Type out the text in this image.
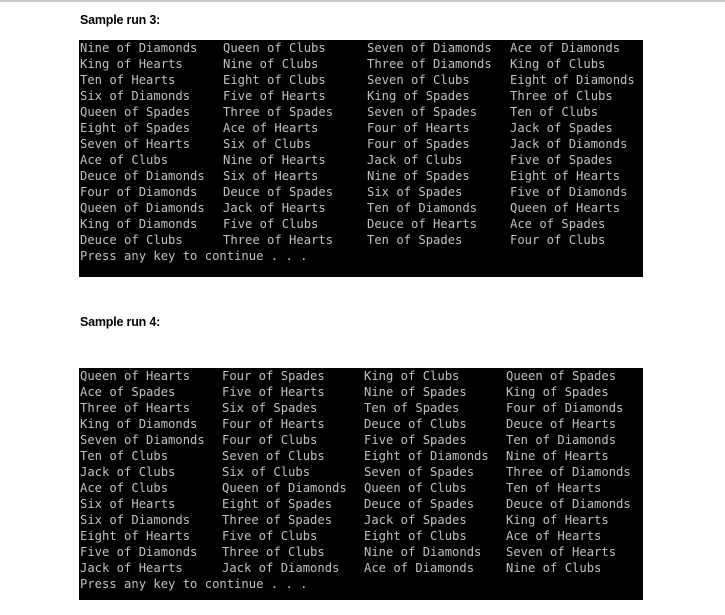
Sample run 3:
Nine of Diamonds Queen of Clubs	Seven of Diamonds Ace of Diamonds
King of Hearts	Nine of Clubs	Three of Diamonds King of Clubs
Ten of Hearts	Eight of Clubs	Seven of Clubs	Eight of Diamonds
Six of Diamonds	Five of Hearts	King of Spades	Three of Clubs
Queen of Spades	Three of Spades	Seven of Spades	Ten of Clubs
Eight of Spades	Ace of Hearts	Four of Hearts	Jack of Spades
Seven of Hearts	Six of Clubs	Four of Spades	Jack of Diamonds
Ace of Clubs	Nine of Hearts	Jack of Clubs	Five of Spades
Deuce of Diamonds Six of Hearts	Nine of Spades	Eight of Hearts
Four of Diamonds Deuce of Spades	Six of Spades	Five of Diamonds
Queen of Diamonds Jack of Hearts	Ten of Diamonds	Queen of Hearts
King of Diamonds Five of Clubs	Deuce of Hearts	Ace of Spades
Deuce of Clubs	Three of Hearts	Ten of Spades	Four of Clubs
Press any key to continue . . .
Sample run 4:
Queen of Hearts	Four of Spades	King of Clubs	Queen of Spades
Ace of Spades	Five of Hearts	Nine of Spades	King of Spades
Three of Hearts	Six of Spades	Ten of Spades	Four of Diamonds
King of Diamonds Four of Hearts	Deuce of Clubs	Deuce of Hearts
Seven of Diamonds Four of Clubs	Five of Spades	Ten of Diamonds
Ten of Clubs	Seven of Clubs	Eight of Diamonds Nine of Hearts
Jack of Clubs	Six of Clubs	Seven of Spades	Three of Diamonds
Ace of Clubs	Queen of Diamonds Queen of Clubs	Ten of Hearts
Six of Hearts	Eight of Spades	Deuce of Spades	Deuce of Diamonds
Six of Diamonds	Three of Spades	Jack of Spades	King of Hearts
Eight of Hearts	Five of Clubs	Eight of Clubs	Ace of Hearts
Five of Diamonds Three of Clubs	Nine of Diamonds Seven of Hearts
Jack of Hearts	Jack of Diamonds Ace of Diamonds	Nine of Clubs
Press any key to continue . . .
